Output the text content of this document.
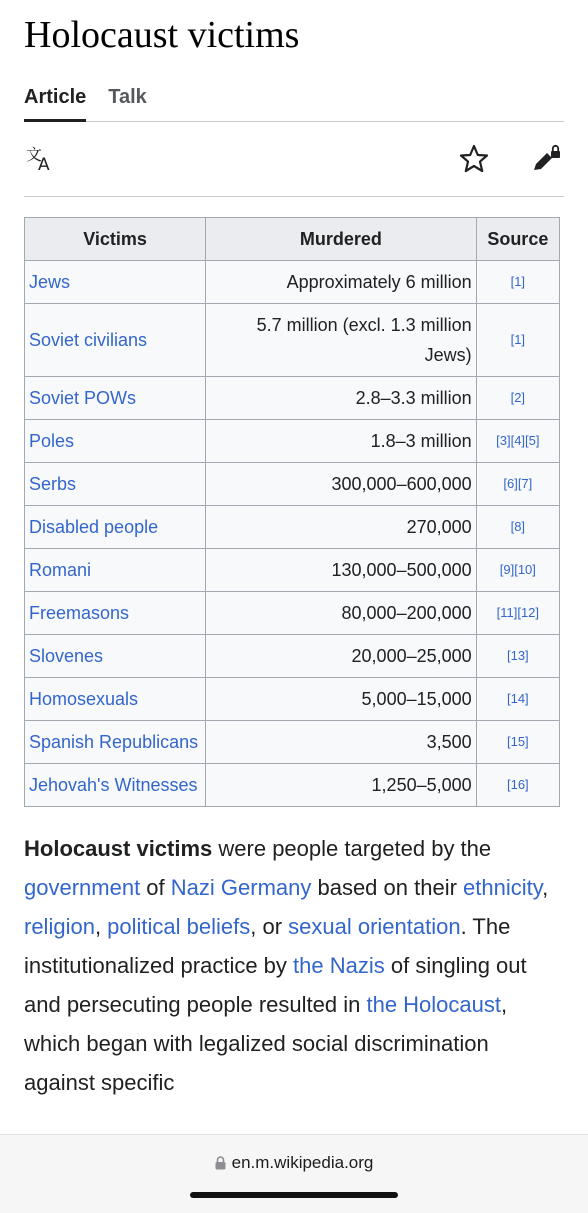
Holocaust victims
Article Talk
文
A
Victims	Murdered	Source
Jews	Approximately 6 million	[1]
Soviet civilians	5.7 million (excl. 1.3 million Jews)	[1]
Soviet POWs	2.8–3.3 million	[2]
Poles	1.8–3 million	[3][4][5]
Serbs	300,000–600,000	[6][7]
Disabled people	270,000	[8]
Romani	130,000–500,000	[9][10]
Freemasons	80,000–200,000	[11][12]
Slovenes	20,000–25,000	[13]
Homosexuals	5,000–15,000	[14]
Spanish Republicans	3,500	[15]
Jehovah's Witnesses	1,250–5,000	[16]

Holocaust victims were people targeted by the government of Nazi Germany based on their ethnicity, religion, political beliefs, or sexual orientation. The institutionalized practice by the Nazis of singling out and persecuting people resulted in the Holocaust, which began with legalized social discrimination against specific

en.m.wikipedia.org
